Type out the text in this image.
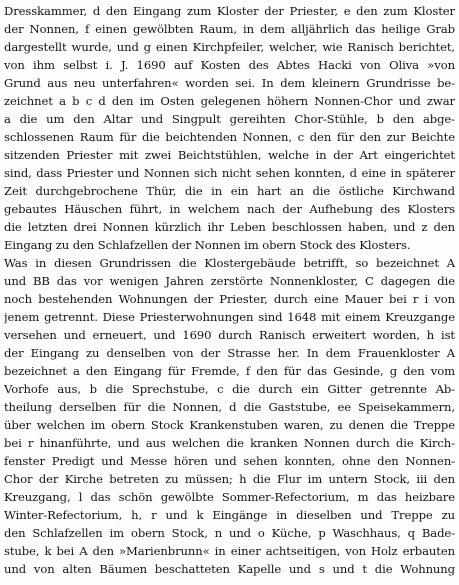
Dresskammer, d den Eingang zum Kloster der Priester, e den zum Kloster
der Nonnen, f einen gewölbten Raum, in dem alljährlich das heilige Grab
dargestellt wurde, und g einen Kirchpfeiler, welcher, wie Ranisch berichtet,
von ihm selbst i. J. 1690 auf Kosten des Abtes Hacki von Oliva »von
Grund aus neu unterfahren« worden sei. In dem kleinern Grundrisse be-
zeichnet a b c d den im Osten gelegenen höhern Nonnen-Chor und zwar
a die um den Altar und Singpult gereihten Chor-Stühle, b den abge-
schlossenen Raum für die beichtenden Nonnen, c den für den zur Beichte
sitzenden Priester mit zwei Beichtstühlen, welche in der Art eingerichtet
sind, dass Priester und Nonnen sich nicht sehen konnten, d eine in späterer
Zeit durchgebrochene Thür, die in ein hart an die östliche Kirchwand
gebautes Häuschen führt, in welchem nach der Aufhebung des Klosters
die letzten drei Nonnen kürzlich ihr Leben beschlossen haben, und z den
Eingang zu den Schlafzellen der Nonnen im obern Stock des Klosters.
Was in diesen Grundrissen die Klostergebäude betrifft, so bezeichnet A
und BB das vor wenigen Jahren zerstörte Nonnenkloster, C dagegen die
noch bestehenden Wohnungen der Priester, durch eine Mauer bei r i von
jenem getrennt. Diese Priesterwohnungen sind 1648 mit einem Kreuzgange
versehen und erneuert, und 1690 durch Ranisch erweitert worden, h ist
der Eingang zu denselben von der Strasse her. In dem Frauenkloster A
bezeichnet a den Eingang für Fremde, f den für das Gesinde, g den vom
Vorhofe aus, b die Sprechstube, c die durch ein Gitter getrennte Ab-
theilung derselben für die Nonnen, d die Gaststube, ee Speisekammern,
über welchen im obern Stock Krankenstuben waren, zu denen die Treppe
bei r hinanführte, und aus welchen die kranken Nonnen durch die Kirch-
fenster Predigt und Messe hören und sehen konnten, ohne den Nonnen-
Chor der Kirche betreten zu müssen; h die Flur im untern Stock, iii den
Kreuzgang, l das schön gewölbte Sommer-Refectorium, m das heizbare
Winter-Refectorium, h, r und k Eingänge in dieselben und Treppe zu
den Schlafzellen im obern Stock, n und o Küche, p Waschhaus, q Bade-
stube, k bei A den »Marienbrunn« in einer achtseitigen, von Holz erbauten
und von alten Bäumen beschatteten Kapelle und s und t die Wohnung
